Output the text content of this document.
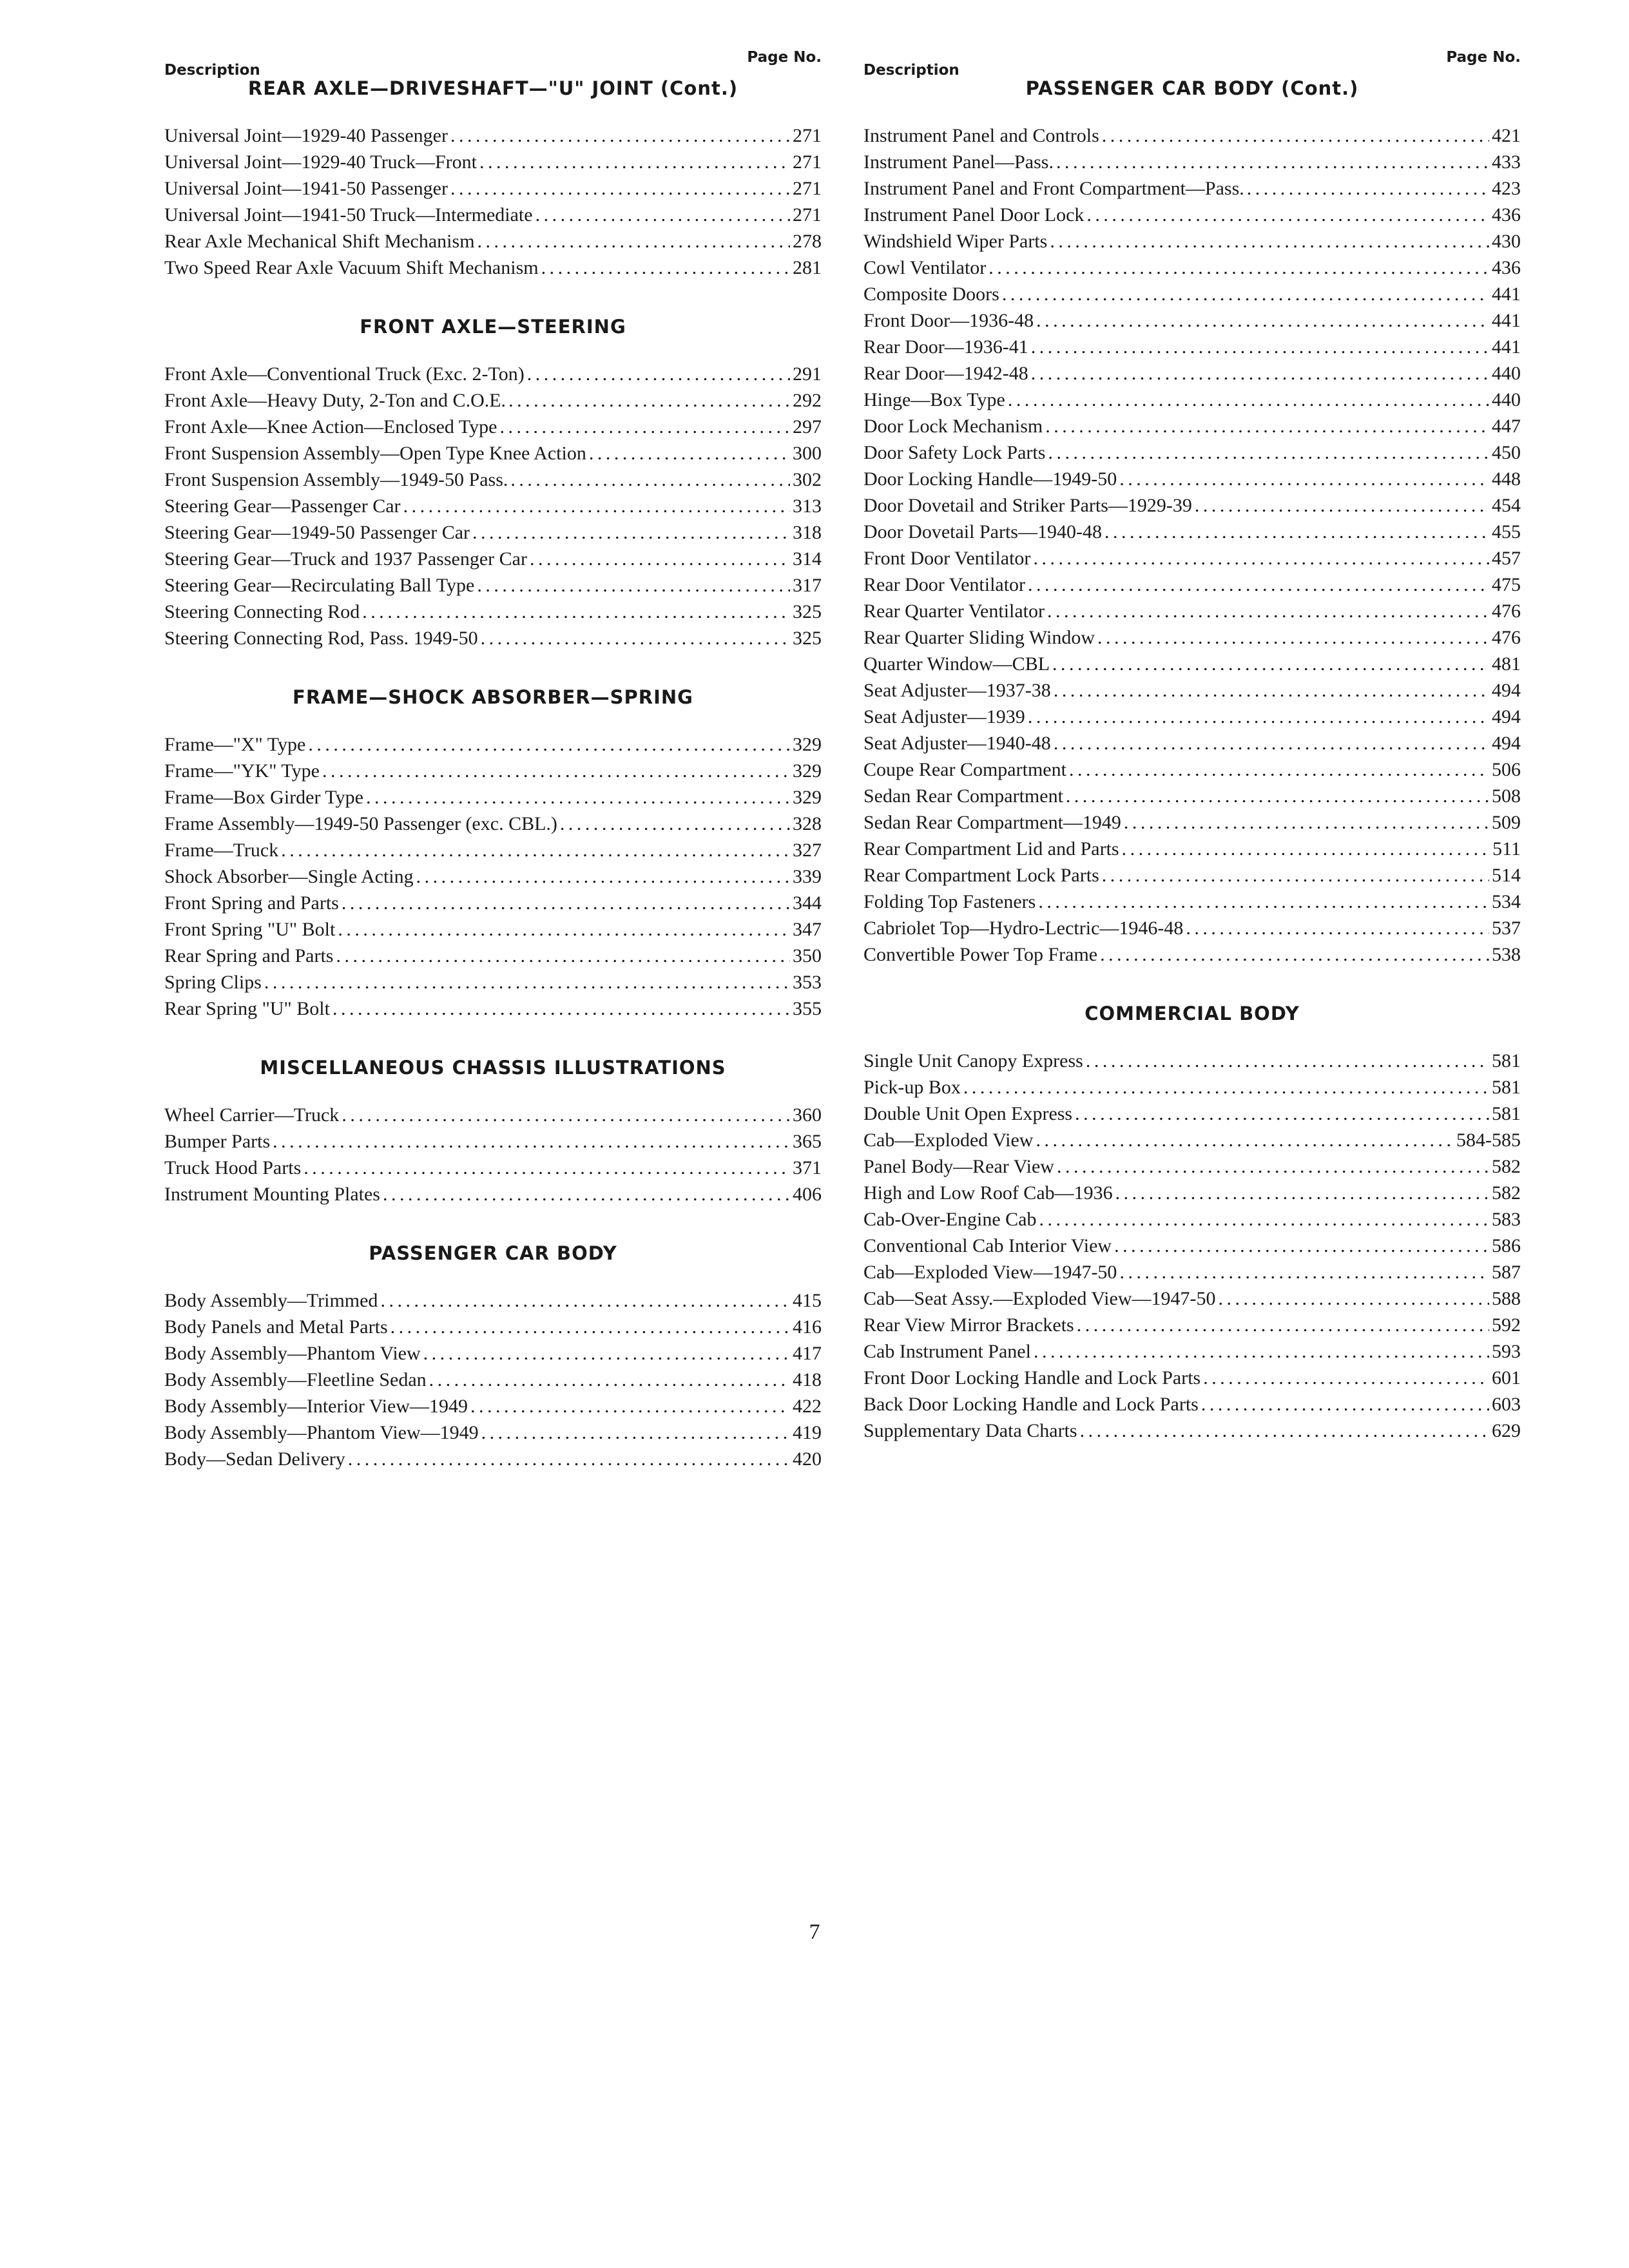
Description
Page No.
REAR AXLE—DRIVESHAFT—"U" JOINT (Cont.)
Universal Joint—1929-40 Passenger . . .	271
Universal Joint—1929-40 Truck—Front . . .	271
Universal Joint—1941-50 Passenger . . .	271
Universal Joint—1941-50 Truck—Intermediate . . .	271
Rear Axle Mechanical Shift Mechanism . . .	278
Two Speed Rear Axle Vacuum Shift Mechanism . . .	281
FRONT AXLE—STEERING
Front Axle—Conventional Truck (Exc. 2-Ton) . . .	291
Front Axle—Heavy Duty, 2-Ton and C.O.E. . . .	292
Front Axle—Knee Action—Enclosed Type . . .	297
Front Suspension Assembly—Open Type Knee Action . . .	300
Front Suspension Assembly—1949-50 Pass. . . .	302
Steering Gear—Passenger Car . . .	313
Steering Gear—1949-50 Passenger Car . . .	318
Steering Gear—Truck and 1937 Passenger Car . . .	314
Steering Gear—Recirculating Ball Type . . .	317
Steering Connecting Rod . . .	325
Steering Connecting Rod, Pass. 1949-50 . . .	325
FRAME—SHOCK ABSORBER—SPRING
Frame—"X" Type . . .	329
Frame—"YK" Type . . .	329
Frame—Box Girder Type . . .	329
Frame Assembly—1949-50 Passenger (exc. CBL.) . . .	328
Frame—Truck . . .	327
Shock Absorber—Single Acting . . .	339
Front Spring and Parts . . .	344
Front Spring "U" Bolt . . .	347
Rear Spring and Parts . . .	350
Spring Clips . . .	353
Rear Spring "U" Bolt . . .	355
MISCELLANEOUS CHASSIS ILLUSTRATIONS
Wheel Carrier—Truck . . .	360
Bumper Parts . . .	365
Truck Hood Parts . . .	371
Instrument Mounting Plates . . .	406
PASSENGER CAR BODY
Body Assembly—Trimmed . . .	415
Body Panels and Metal Parts . . .	416
Body Assembly—Phantom View . . .	417
Body Assembly—Fleetline Sedan . . .	418
Body Assembly—Interior View—1949 . . .	422
Body Assembly—Phantom View—1949 . . .	419
Body—Sedan Delivery . . .	420
Description
Page No.
PASSENGER CAR BODY (Cont.)
Instrument Panel and Controls . . .	421
Instrument Panel—Pass. . . .	433
Instrument Panel and Front Compartment—Pass. . . .	423
Instrument Panel Door Lock . . .	436
Windshield Wiper Parts . . .	430
Cowl Ventilator . . .	436
Composite Doors . . .	441
Front Door—1936-48 . . .	441
Rear Door—1936-41 . . .	441
Rear Door—1942-48 . . .	440
Hinge—Box Type . . .	440
Door Lock Mechanism . . .	447
Door Safety Lock Parts . . .	450
Door Locking Handle—1949-50 . . .	448
Door Dovetail and Striker Parts—1929-39 . . .	454
Door Dovetail Parts—1940-48 . . .	455
Front Door Ventilator . . .	457
Rear Door Ventilator . . .	475
Rear Quarter Ventilator . . .	476
Rear Quarter Sliding Window . . .	476
Quarter Window—CBL . . .	481
Seat Adjuster—1937-38 . . .	494
Seat Adjuster—1939 . . .	494
Seat Adjuster—1940-48 . . .	494
Coupe Rear Compartment . . .	506
Sedan Rear Compartment . . .	508
Sedan Rear Compartment—1949 . . .	509
Rear Compartment Lid and Parts . . .	511
Rear Compartment Lock Parts . . .	514
Folding Top Fasteners . . .	534
Cabriolet Top—Hydro-Lectric—1946-48 . . .	537
Convertible Power Top Frame . . .	538
COMMERCIAL BODY
Single Unit Canopy Express . . .	581
Pick-up Box . . .	581
Double Unit Open Express . . .	581
Cab—Exploded View . . .	584-585
Panel Body—Rear View . . .	582
High and Low Roof Cab—1936 . . .	582
Cab-Over-Engine Cab . . .	583
Conventional Cab Interior View . . .	586
Cab—Exploded View—1947-50 . . .	587
Cab—Seat Assy.—Exploded View—1947-50 . . .	588
Rear View Mirror Brackets . . .	592
Cab Instrument Panel . . .	593
Front Door Locking Handle and Lock Parts . . .	601
Back Door Locking Handle and Lock Parts . . .	603
Supplementary Data Charts . . .	629
7
